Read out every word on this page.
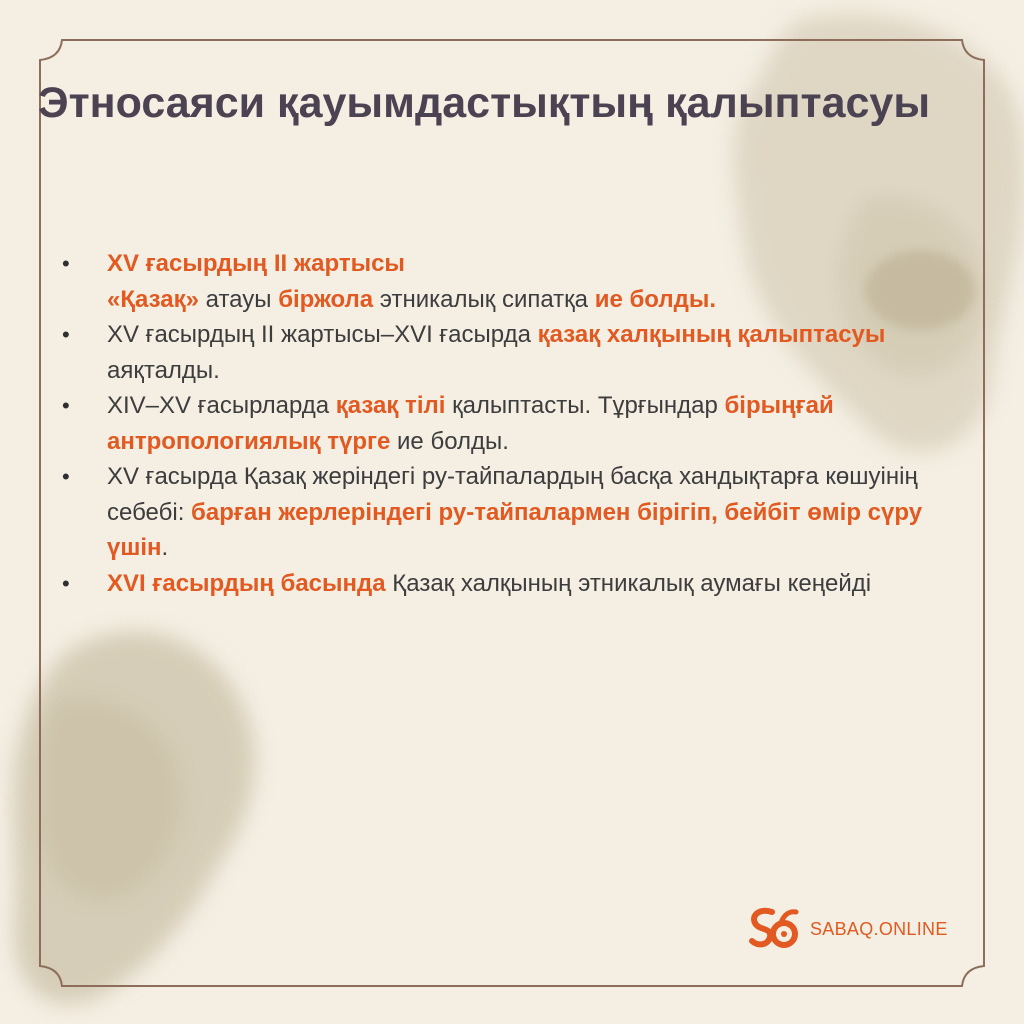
Этносаяси қауымдастықтың қалыптасуы
• XV ғасырдың II жартысы
«Қазақ» атауы біржола этникалық сипатқа ие болды.
• XV ғасырдың II жартысы–XVI ғасырда қазақ халқының қалыптасуы аяқталды.
• XIV–XV ғасырларда қазақ тілі қалыптасты. Тұрғындар бірыңғай антропологиялық түрге ие болды.
• XV ғасырда Қазақ жеріндегі ру-тайпалардың басқа хандықтарға көшуінің себебі: барған жерлеріндегі ру-тайпалармен бірігіп, бейбіт өмір сүру үшін.
• XVI ғасырдың басында Қазақ халқының этникалық аумағы кеңейді
SABAQ.ONLINE
